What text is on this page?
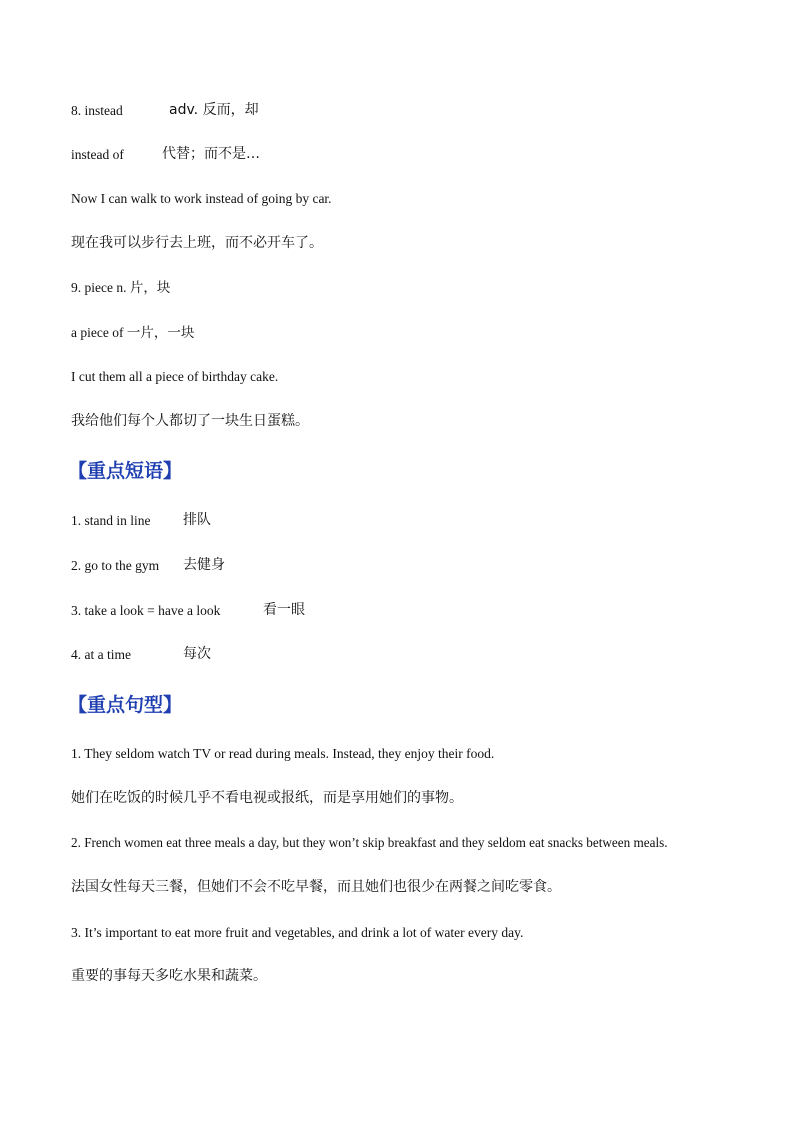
8. instead	adv. 反而，却
instead of	代替；而不是…
Now I can walk to work instead of going by car.
现在我可以步行去上班，而不必开车了。
9. piece n. 片，块
a piece of 一片，一块
I cut them all a piece of birthday cake.
我给他们每个人都切了一块生日蛋糕。
【重点短语】
1. stand in line 排队
2. go to the gym 去健身
3. take a look = have a look	看一眼
4. at a time	每次
【重点句型】
1. They seldom watch TV or read during meals. Instead, they enjoy their food.
她们在吃饭的时候几乎不看电视或报纸，而是享用她们的事物。
2. French women eat three meals a day, but they won’t skip breakfast and they seldom eat snacks between meals.
法国女性每天三餐，但她们不会不吃早餐，而且她们也很少在两餐之间吃零食。
3. It’s important to eat more fruit and vegetables, and drink a lot of water every day.
重要的事每天多吃水果和蔬菜。
